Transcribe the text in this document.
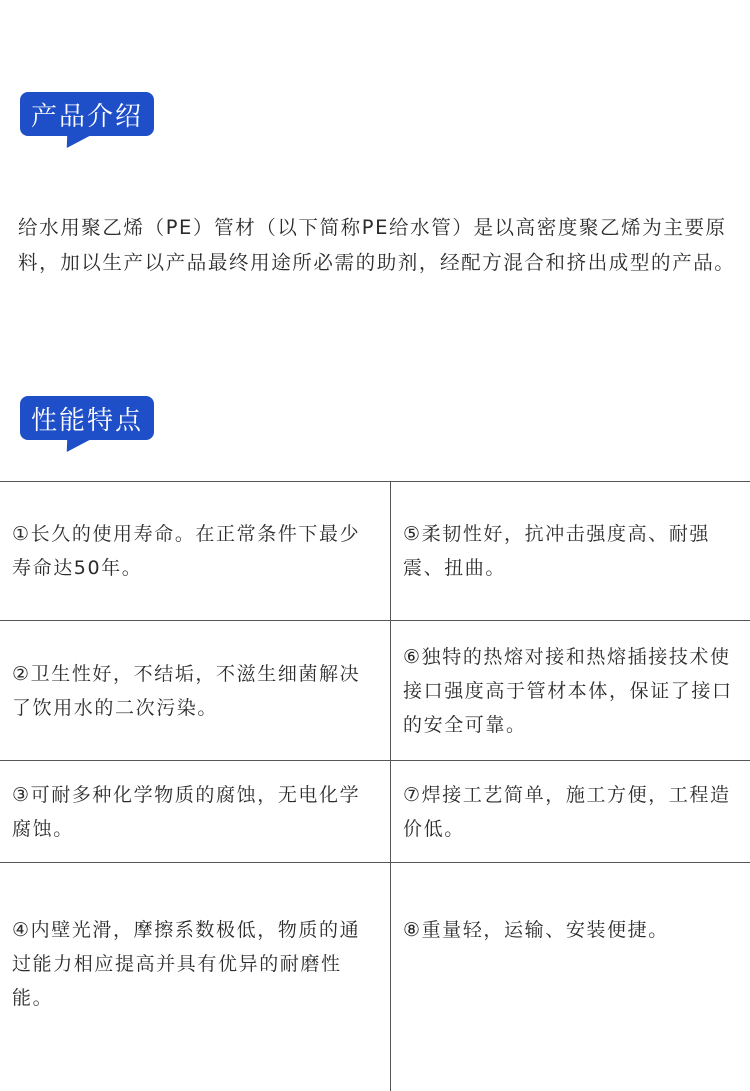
产品介绍
给水用聚乙烯（PE）管材（以下简称PE给水管）是以高密度聚乙烯为主要原料，加以生产以产品最终用途所必需的助剂，经配方混合和挤出成型的产品。
性能特点
①长久的使用寿命。在正常条件下最少寿命达50年。
⑤柔韧性好，抗冲击强度高、耐强震、扭曲。
②卫生性好，不结垢，不滋生细菌解决了饮用水的二次污染。
⑥独特的热熔对接和热熔插接技术使接口强度高于管材本体，保证了接口的安全可靠。
③可耐多种化学物质的腐蚀，无电化学腐蚀。
⑦焊接工艺简单，施工方便，工程造价低。
④内壁光滑，摩擦系数极低，物质的通过能力相应提高并具有优异的耐磨性能。
⑧重量轻，运输、安装便捷。
